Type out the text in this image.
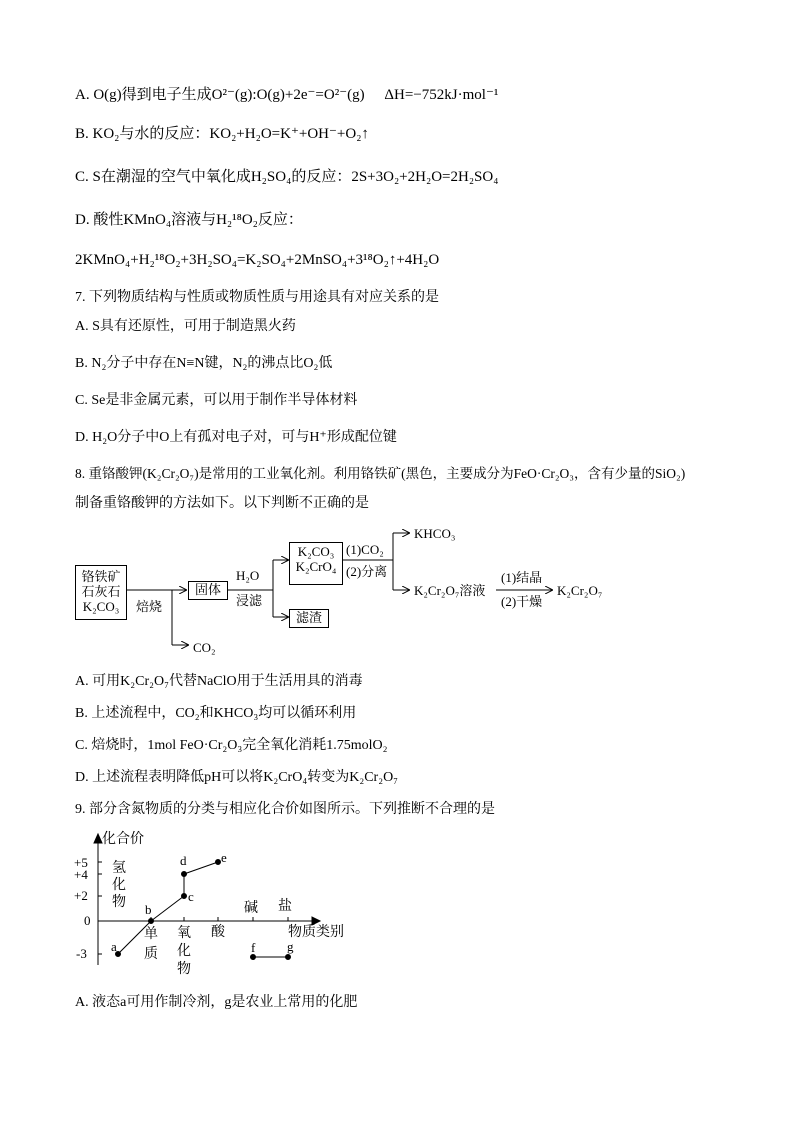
A. O(g)得到电子生成O²⁻(g):O(g)+2e⁻=O²⁻(g) ΔH=−752kJ·mol⁻¹
B. KO₂与水的反应：KO₂+H₂O=K⁺+OH⁻+O₂↑
C. S在潮湿的空气中氧化成H₂SO₄的反应：2S+3O₂+2H₂O=2H₂SO₄
D. 酸性KMnO₄溶液与H₂¹⁸O₂反应：
2KMnO₄+H₂¹⁸O₂+3H₂SO₄=K₂SO₄+2MnSO₄+3¹⁸O₂↑+4H₂O
7. 下列物质结构与性质或物质性质与用途具有对应关系的是
A. S具有还原性，可用于制造黑火药
B. N₂分子中存在N≡N键，N₂的沸点比O₂低
C. Se是非金属元素，可以用于制作半导体材料
D. H₂O分子中O上有孤对电子对，可与H⁺形成配位键
8. 重铬酸钾(K₂Cr₂O₇)是常用的工业氧化剂。利用铬铁矿(黑色，主要成分为FeO·Cr₂O₃，含有少量的SiO₂)
制备重铬酸钾的方法如下。以下判断不正确的是
铬铁矿
石灰石
K₂CO₃	焙烧
固体
CO₂
H₂O
浸滤
K₂CO₃
K₂CrO₄
滤渣
(1)CO₂
(2)分离
KHCO₃
K₂Cr₂O₇溶液
(1)结晶
(2)干燥
K₂Cr₂O₇
A. 可用K₂Cr₂O₇代替NaClO用于生活用具的消毒
B. 上述流程中，CO₂和KHCO₃均可以循环利用
C. 焙烧时，1mol FeO·Cr₂O₃完全氧化消耗1.75molO₂
D. 上述流程表明降低pH可以将K₂CrO₄转变为K₂Cr₂O₇
9. 部分含氮物质的分类与相应化合价如图所示。下列推断不合理的是
化合价
+5
+4
+2
0
-3
氢化物
单质
氧化物
酸
碱 盐
物质类别
a
b
c
d	e
f g
A. 液态a可用作制冷剂，g是农业上常用的化肥
